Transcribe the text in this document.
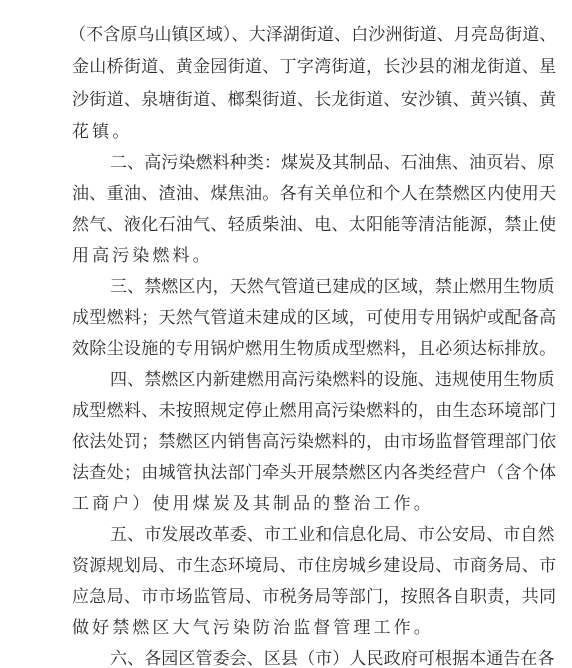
（不含原乌山镇区域）、大泽湖街道、白沙洲街道、月亮岛街道、
金山桥街道、黄金园街道、丁字湾街道，长沙县的湘龙街道、星
沙街道、泉塘街道、榔梨街道、长龙街道、安沙镇、黄兴镇、黄
花镇。
二、高污染燃料种类：煤炭及其制品、石油焦、油页岩、原
油、重油、渣油、煤焦油。各有关单位和个人在禁燃区内使用天
然气、液化石油气、轻质柴油、电、太阳能等清洁能源，禁止使
用高污染燃料。
三、禁燃区内，天然气管道已建成的区域，禁止燃用生物质
成型燃料；天然气管道未建成的区域，可使用专用锅炉或配备高
效除尘设施的专用锅炉燃用生物质成型燃料，且必须达标排放。
四、禁燃区内新建燃用高污染燃料的设施、违规使用生物质
成型燃料、未按照规定停止燃用高污染燃料的，由生态环境部门
依法处罚；禁燃区内销售高污染燃料的，由市场监督管理部门依
法查处；由城管执法部门牵头开展禁燃区内各类经营户（含个体
工商户）使用煤炭及其制品的整治工作。
五、市发展改革委、市工业和信息化局、市公安局、市自然
资源规划局、市生态环境局、市住房城乡建设局、市商务局、市
应急局、市市场监管局、市税务局等部门，按照各自职责，共同
做好禁燃区大气污染防治监督管理工作。
六、各园区管委会、区县（市）人民政府可根据本通告在各
